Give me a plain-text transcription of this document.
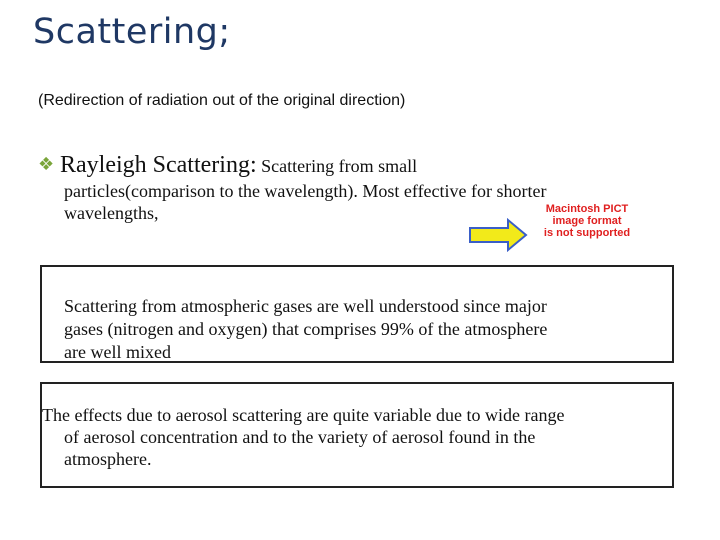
Scattering;
(Redirection of radiation out of the original direction)
❖ Rayleigh Scattering: Scattering from small
particles(comparison to the wavelength). Most effective for shorter
wavelengths,	Macintosh PICT
image format
is not supported
Scattering from atmospheric gases are well understood since major
gases (nitrogen and oxygen) that comprises 99% of the atmosphere
are well mixed
The effects due to aerosol scattering are quite variable due to wide range
of aerosol concentration and to the variety of aerosol found in the
atmosphere.
